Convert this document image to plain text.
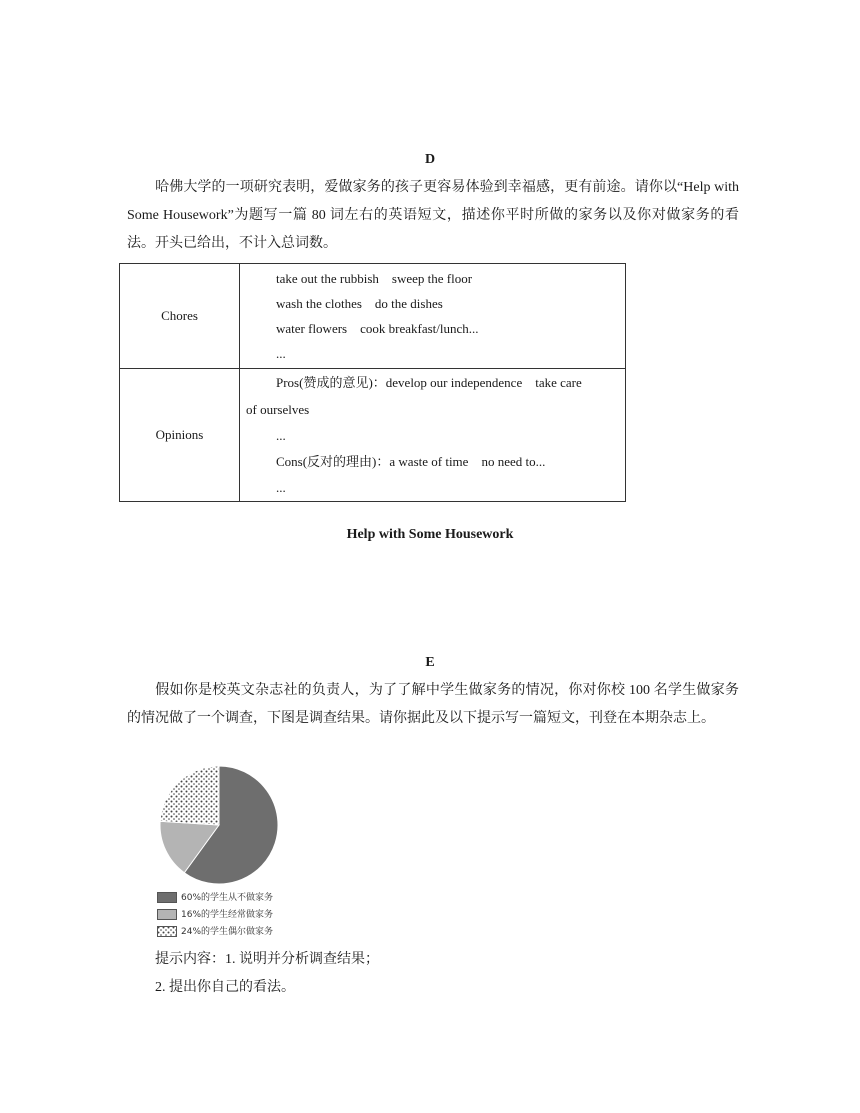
D
哈佛大学的一项研究表明，爱做家务的孩子更容易体验到幸福感，更有前途。请你以“Help with Some Housework”为题写一篇 80 词左右的英语短文，描述你平时所做的家务以及你对做家务的看法。开头已给出，不计入总词数。
Chores	take out the rubbish    sweep the floor
wash the clothes    do the dishes
water flowers    cook breakfast/lunch...
...

Opinions	Pros(赞成的意见)：develop our independence    take care
of ourselves
...
Cons(反对的理由)：a waste of time    no need to...
...
Help with Some Housework
E
假如你是校英文杂志社的负责人，为了了解中学生做家务的情况，你对你校 100 名学生做家务的情况做了一个调查，下图是调查结果。请你据此及以下提示写一篇短文，刊登在本期杂志上。
60%的学生从不做家务
16%的学生经常做家务
24%的学生偶尔做家务
提示内容：1. 说明并分析调查结果；
2. 提出你自己的看法。
